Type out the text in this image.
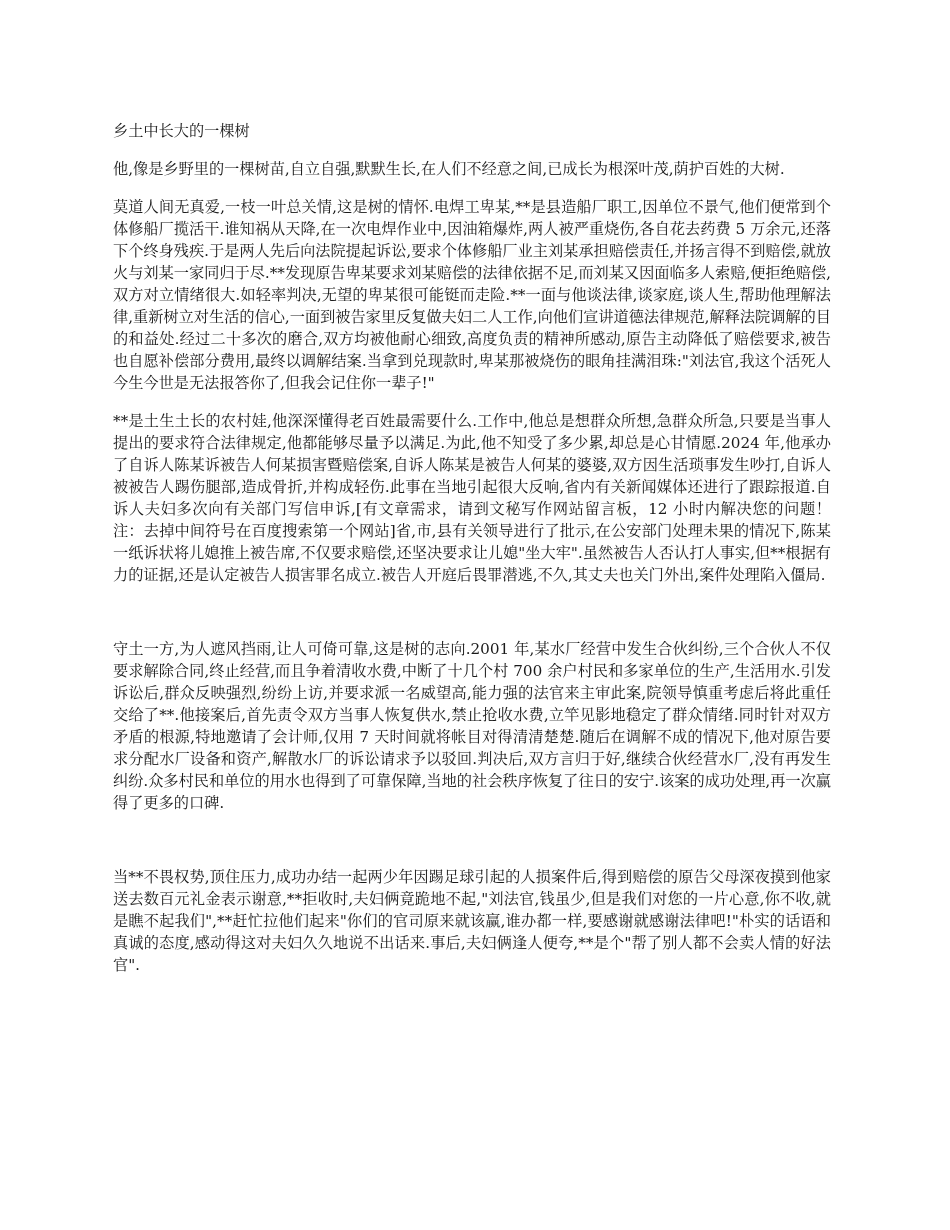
乡土中长大的一棵树

他,像是乡野里的一棵树苗,自立自强,默默生长,在人们不经意之间,已成长为根深叶茂,荫护百姓的大树.

莫道人间无真爱,一枝一叶总关情,这是树的情怀.电焊工卑某,**是县造船厂职工,因单位不景气,他们便常到个体修船厂揽活干.谁知祸从天降,在一次电焊作业中,因油箱爆炸,两人被严重烧伤,各自花去药费 5 万余元,还落下个终身残疾.于是两人先后向法院提起诉讼,要求个体修船厂业主刘某承担赔偿责任,并扬言得不到赔偿,就放火与刘某一家同归于尽.**发现原告卑某要求刘某赔偿的法律依据不足,而刘某又因面临多人索赔,便拒绝赔偿,双方对立情绪很大.如轻率判决,无望的卑某很可能铤而走险.**一面与他谈法律,谈家庭,谈人生,帮助他理解法律,重新树立对生活的信心,一面到被告家里反复做夫妇二人工作,向他们宣讲道德法律规范,解释法院调解的目的和益处.经过二十多次的磨合,双方均被他耐心细致,高度负责的精神所感动,原告主动降低了赔偿要求,被告也自愿补偿部分费用,最终以调解结案.当拿到兑现款时,卑某那被烧伤的眼角挂满泪珠:"刘法官,我这个活死人今生今世是无法报答你了,但我会记住你一辈子!"

**是土生土长的农村娃,他深深懂得老百姓最需要什么.工作中,他总是想群众所想,急群众所急,只要是当事人提出的要求符合法律规定,他都能够尽量予以满足.为此,他不知受了多少累,却总是心甘情愿.2024 年,他承办了自诉人陈某诉被告人何某损害暨赔偿案,自诉人陈某是被告人何某的婆婆,双方因生活琐事发生吵打,自诉人被被告人踢伤腿部,造成骨折,并构成轻伤.此事在当地引起很大反响,省内有关新闻媒体还进行了跟踪报道.自诉人夫妇多次向有关部门写信申诉,[有文章需求，请到文秘写作网站留言板，12 小时内解决您的问题！注：去掉中间符号在百度搜索第一个网站]省,市,县有关领导进行了批示,在公安部门处理未果的情况下,陈某一纸诉状将儿媳推上被告席,不仅要求赔偿,还坚决要求让儿媳"坐大牢".虽然被告人否认打人事实,但**根据有力的证据,还是认定被告人损害罪名成立.被告人开庭后畏罪潜逃,不久,其丈夫也关门外出,案件处理陷入僵局.

守土一方,为人遮风挡雨,让人可倚可靠,这是树的志向.2001 年,某水厂经营中发生合伙纠纷,三个合伙人不仅要求解除合同,终止经营,而且争着清收水费,中断了十几个村 700 余户村民和多家单位的生产,生活用水.引发诉讼后,群众反映强烈,纷纷上访,并要求派一名威望高,能力强的法官来主审此案,院领导慎重考虑后将此重任交给了**.他接案后,首先责令双方当事人恢复供水,禁止抢收水费,立竿见影地稳定了群众情绪.同时针对双方矛盾的根源,特地邀请了会计师,仅用 7 天时间就将帐目对得清清楚楚.随后在调解不成的情况下,他对原告要求分配水厂设备和资产,解散水厂的诉讼请求予以驳回.判决后,双方言归于好,继续合伙经营水厂,没有再发生纠纷.众多村民和单位的用水也得到了可靠保障,当地的社会秩序恢复了往日的安宁.该案的成功处理,再一次赢得了更多的口碑.

当**不畏权势,顶住压力,成功办结一起两少年因踢足球引起的人损案件后,得到赔偿的原告父母深夜摸到他家送去数百元礼金表示谢意,**拒收时,夫妇俩竟跪地不起,"刘法官,钱虽少,但是我们对您的一片心意,你不收,就是瞧不起我们",**赶忙拉他们起来"你们的官司原来就该赢,谁办都一样,要感谢就感谢法律吧!"朴实的话语和真诚的态度,感动得这对夫妇久久地说不出话来.事后,夫妇俩逢人便夸,**是个"帮了别人都不会卖人情的好法官".
